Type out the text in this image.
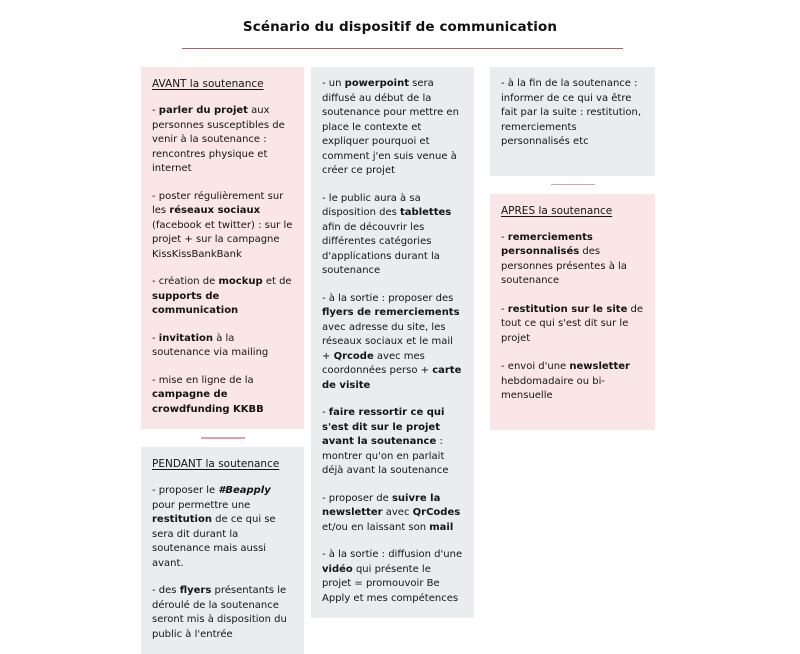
Scénario du dispositif de communication
AVANT la soutenance
- parler du projet aux personnes susceptibles de venir à la soutenance : rencontres physique et internet
- poster régulièrement sur les réseaux sociaux (facebook et twitter) : sur le projet + sur la campagne KissKissBankBank
- création de mockup et de supports de communication
- invitation à la soutenance via mailing
- mise en ligne de la campagne de crowdfunding KKBB
PENDANT la soutenance
- proposer le #Beapply pour permettre une restitution de ce qui se sera dit durant la soutenance mais aussi avant.
- des flyers présentants le déroulé de la soutenance seront mis à disposition du public à l'entrée
- un powerpoint sera diffusé au début de la soutenance pour mettre en place le contexte et expliquer pourquoi et comment j'en suis venue à créer ce projet
- le public aura à sa disposition des tablettes afin de découvrir les différentes catégories d'applications durant la soutenance
- à la sortie : proposer des flyers de remerciements avec adresse du site, les réseaux sociaux et le mail + Qrcode avec mes coordonnées perso + carte de visite
- faire ressortir ce qui s'est dit sur le projet avant la soutenance : montrer qu'on en parlait déjà avant la soutenance
- proposer de suivre la newsletter avec QrCodes et/ou en laissant son mail
- à la sortie : diffusion d'une vidéo qui présente le projet = promouvoir Be Apply et mes compétences
- à la fin de la soutenance : informer de ce qui va être fait par la suite : restitution, remerciements personnalisés etc
APRES la soutenance
- remerciements personnalisés des personnes présentes à la soutenance
- restitution sur le site de tout ce qui s'est dit sur le projet
- envoi d'une newsletter hebdomadaire ou bi-mensuelle
